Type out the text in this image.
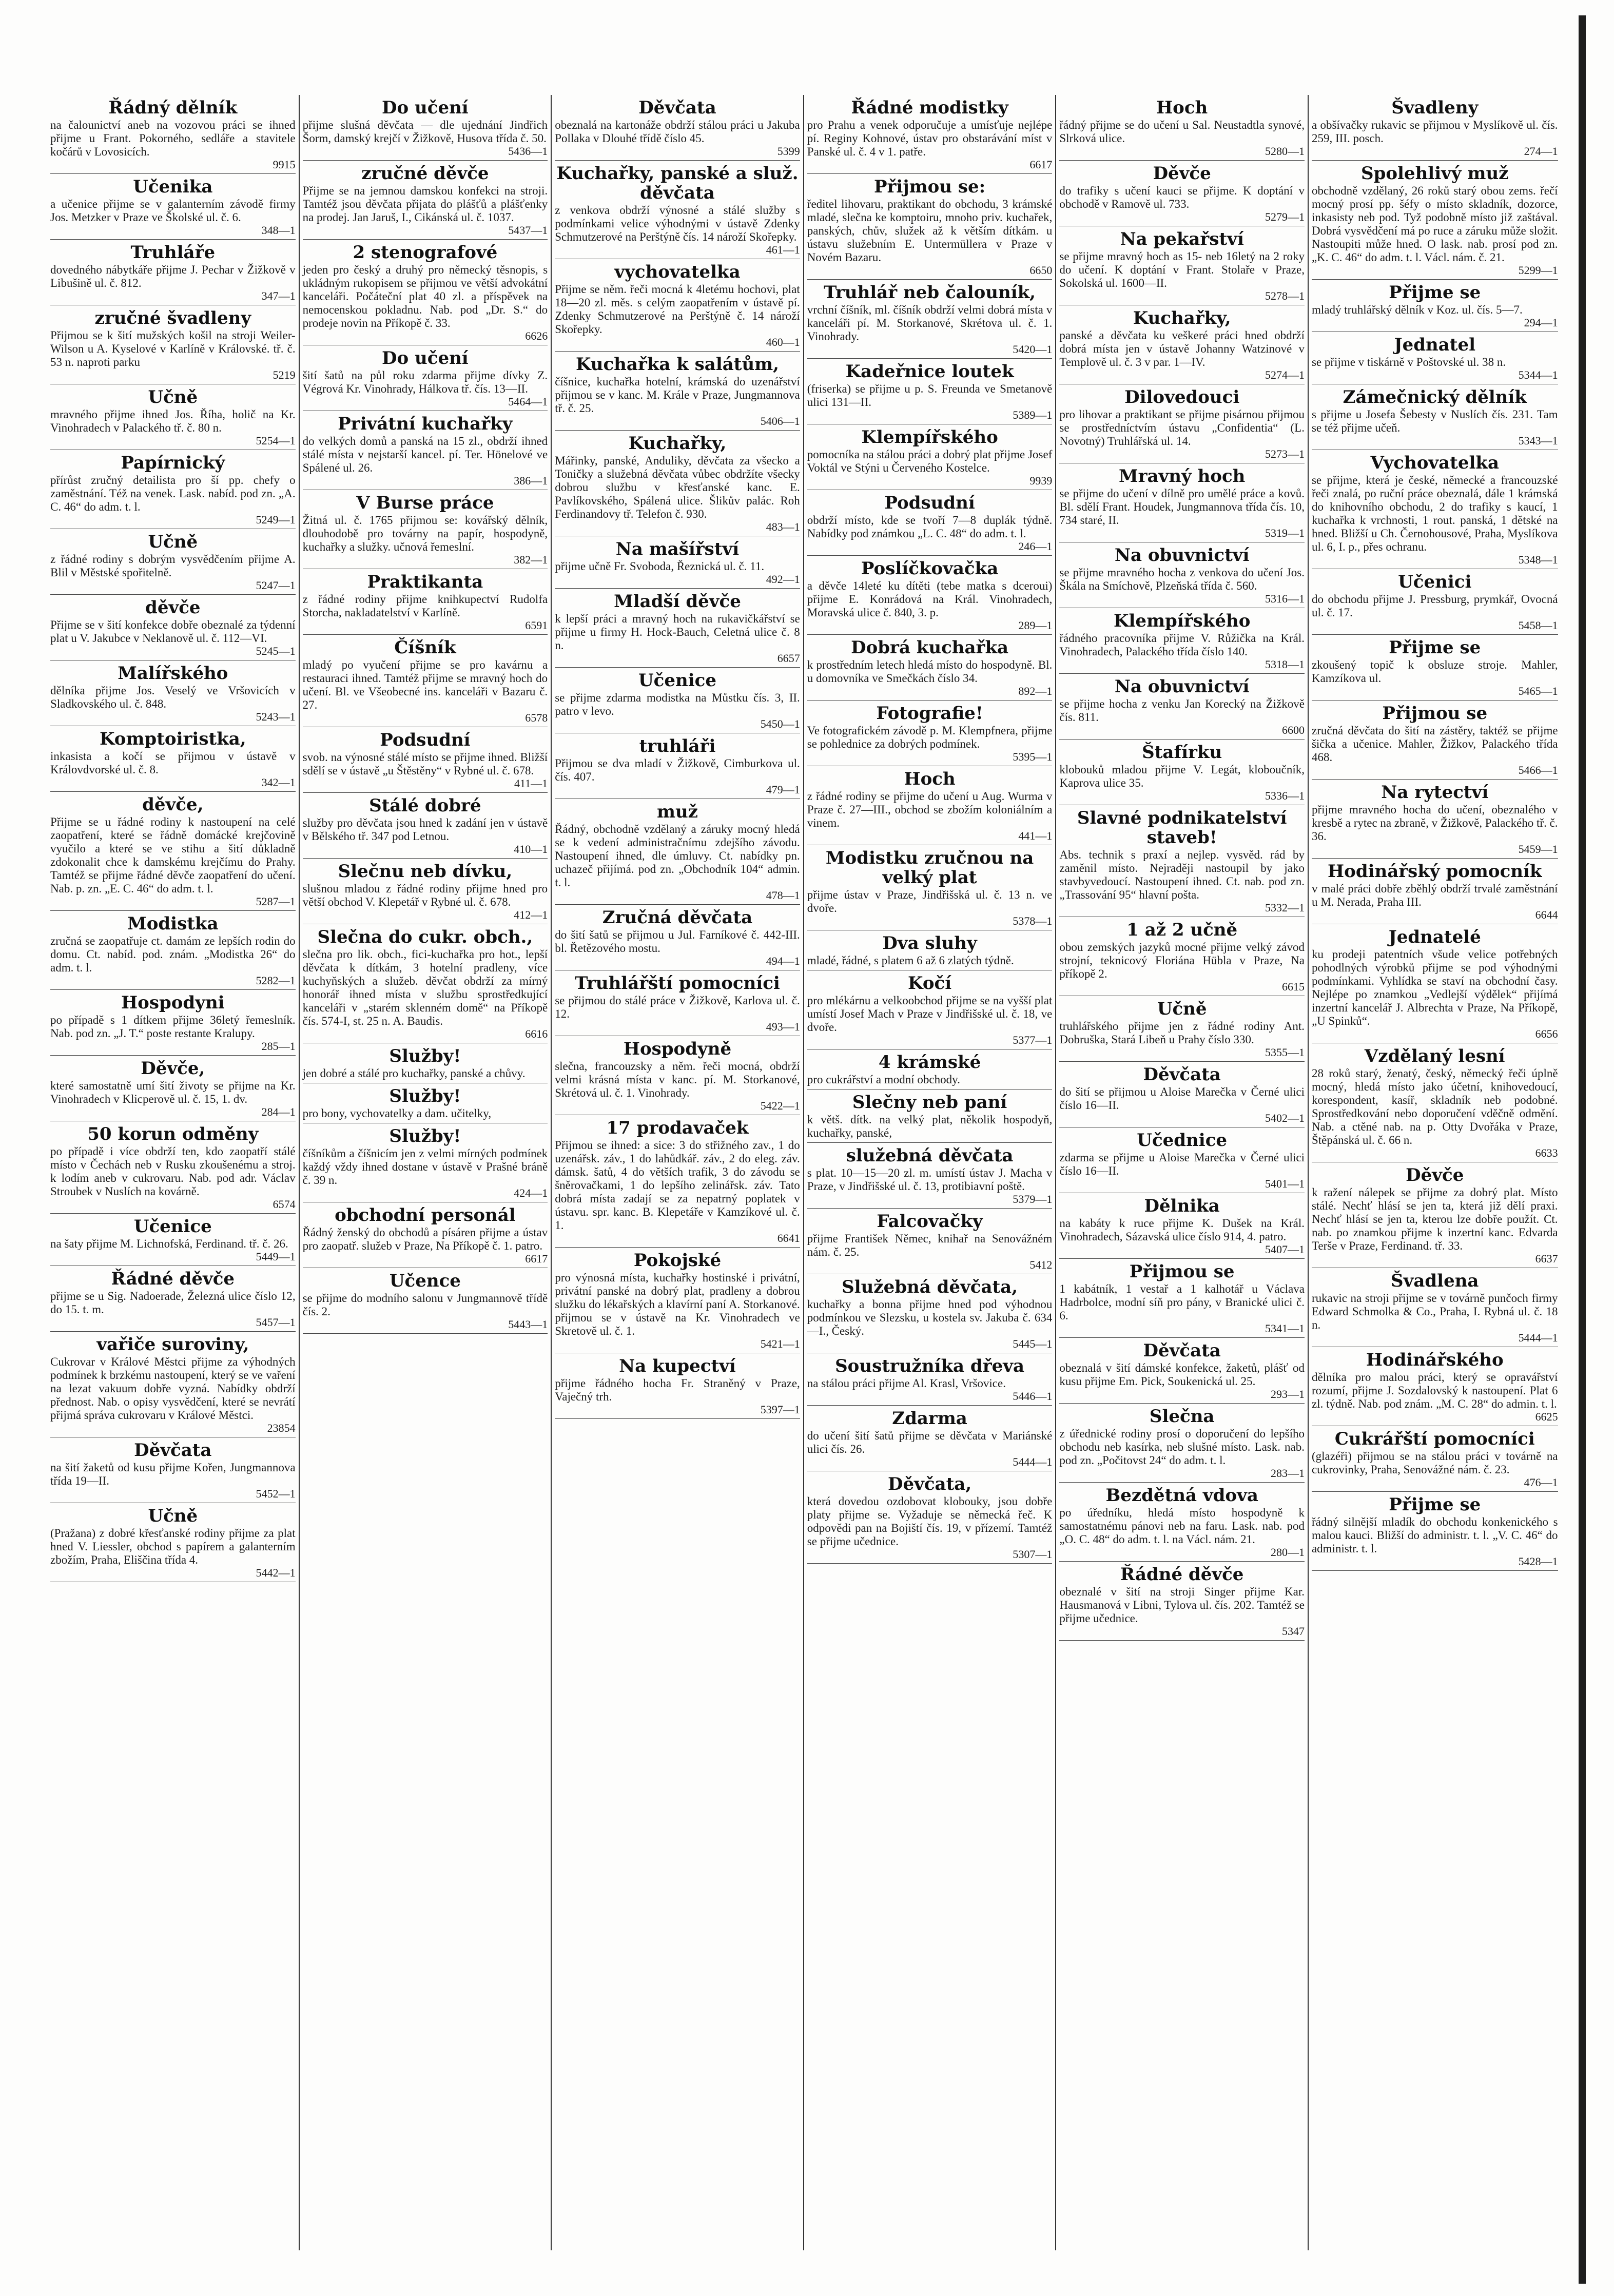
Řádný dělník

na čalounictví aneb na vozovou práci se ihned přijme u Frant. Pokorného, sedláře a stavitele kočárů v Lovosicích.

9915
Učenika

a učenice přijme se v galanterním závodě firmy Jos. Metzker v Praze ve Školské ul. č. 6.

348—1
Truhláře

dovedného nábytkáře přijme J. Pechar v Žižkově v Libušině ul. č. 812.

347—1
zručné švadleny

Přijmou se k šití mužských košil na stroji Weiler-Wilson u A. Kyselové v Karlíně v Královské. tř. č. 53 n. naproti parku

5219
Učně

mravného přijme ihned Jos. Říha, holič na Kr. Vinohradech v Palackého tř. č. 80 n.

5254—1
Papírnický

přírůst zručný detailista pro ší pp. chefy o zaměstnání. Též na venek. Lask. nabíd. pod zn. „A. C. 46“ do adm. t. l.

5249—1
Učně

z řádné rodiny s dobrým vysvědčením přijme A. Blil v Městské spořitelně.

5247—1
děvče

Přijme se v šití konfekce dobře obeznalé za týdenní plat u V. Jakubce v Neklanově ul. č. 112—VI.

5245—1
Malířského

dělníka přijme Jos. Veselý ve Vršovicích v Sladkovského ul. č. 848.

5243—1
Komptoiristka,

inkasista a kočí se přijmou v ústavě v Královdvorské ul. č. 8.

342—1
děvče,

Přijme se u řádné rodiny k nastoupení na celé zaopatření, které se řádně domácké krejčovině vyučilo a které se ve stihu a šití důkladně zdokonalit chce k damskému krejčímu do Prahy. Tamtéž se přijme řádné děvče zaopatření do učení. Nab. p. zn. „E. C. 46“ do adm. t. l.

5287—1
Modistka

zručná se zaopatřuje ct. damám ze lepších rodin do domu. Ct. nabíd. pod. znám. „Modistka 26“ do adm. t. l.

5282—1
Hospodyni

po případě s 1 dítkem přijme 36letý řemeslník. Nab. pod zn. „J. T.“ poste restante Kralupy.

285—1
Děvče,

které samostatně umí šití životy se přijme na Kr. Vinohradech v Klicperově ul. č. 15, 1. dv.

284—1
50 korun odměny

po případě i více obdrží ten, kdo zaopatří stálé místo v Čechách neb v Rusku zkoušenému a stroj. k lodím aneb v cukrovaru. Nab. pod adr. Václav Stroubek v Nuslích na kovárně.

6574
Učenice

na šaty přijme M. Lichnofská, Ferdinand. tř. č. 26.

5449—1
Řádné děvče

přijme se u Sig. Nadoerade, Železná ulice číslo 12, do 15. t. m.

5457—1
vařiče suroviny,

Cukrovar v Králové Městci přijme za výhodných podmínek k brzkému nastoupení, který se ve vaření na lezat vakuum dobře vyzná. Nabídky obdrží přednost. Nab. o opisy vysvědčení, které se nevrátí přijmá správa cukrovaru v Králové Městci.

23854
Děvčata

na šití žaketů od kusu přijme Kořen, Jungmannova třída 19—II.

5452—1
Učně

(Pražana) z dobré křesťanské rodiny přijme za plat hned V. Liessler, obchod s papírem a galanterním zbožím, Praha, Eliščina třída 4.

5442—1
Do učení

přijme slušná děvčata — dle ujednání Jindřich Šorm, damský krejčí v Žižkově, Husova třída č. 50.

5436—1
zručné děvče

Přijme se na jemnou damskou konfekci na stroji. Tamtéž jsou děvčata přijata do plášťů a plášťenky na prodej. Jan Jaruš, I., Cikánská ul. č. 1037.

5437—1
2 stenografové

jeden pro český a druhý pro německý těsnopis, s ukládným rukopisem se přijmou ve větší advokátní kanceláři. Počáteční plat 40 zl. a příspěvek na nemocenskou pokladnu. Nab. pod „Dr. S.“ do prodeje novin na Příkopě č. 33.

6626
Do učení

šití šatů na půl roku zdarma přijme dívky Z. Végrová Kr. Vinohrady, Hálkova tř. čís. 13—II.

5464—1
Privátní kuchařky

do velkých domů a panská na 15 zl., obdrží ihned stálé místa v nejstarší kancel. pí. Ter. Hönelové ve Spálené ul. 26.

386—1
V Burse práce

Žitná ul. č. 1765 přijmou se: kovářský dělník, dlouhodobě pro továrny na papír, hospodyně, kuchařky a služky. učnová řemeslní.

382—1
Praktikanta

z řádné rodiny přijme knihkupectví Rudolfa Storcha, nakladatelství v Karlíně.

6591
Číšník

mladý po vyučení přijme se pro kavárnu a restauraci ihned. Tamtéž přijme se mravný hoch do učení. Bl. ve Všeobecné ins. kanceláři v Bazaru č. 27.

6578
Podsudní

svob. na výnosné stálé místo se přijme ihned. Bližší sdělí se v ústavě „u Štěstěny“ v Rybné ul. č. 678.

411—1
Stálé dobré

služby pro děvčata jsou hned k zadání jen v ústavě v Bělského tř. 347 pod Letnou.

410—1
Slečnu neb dívku,

slušnou mladou z řádné rodiny přijme hned pro větší obchod V. Klepetář v Rybné ul. č. 678.

412—1
Slečna do cukr. obch.,

slečna pro lik. obch., fici-kuchařka pro hot., lepší děvčata k dítkám, 3 hotelní pradleny, více kuchyňských a služeb. děvčat obdrží za mírný honorář ihned místa v službu sprostředkující kanceláři v „starém sklenném domě“ na Příkopě čís. 574-I, st. 25 n. A. Baudis.

6616
Služby!

jen dobré a stálé pro kuchařky, panské a chůvy.

Služby!

pro bony, vychovatelky a dam. učitelky,

Služby!

číšníkům a číšnicím jen z velmi mírných podmínek každý vždy ihned dostane v ústavě v Prašné bráně č. 39 n.

424—1
obchodní personál

Řádný ženský do obchodů a písáren přijme a ústav pro zaopatř. služeb v Praze, Na Příkopě č. 1. patro.

6617
Učence

se přijme do modního salonu v Jungmannově třídě čís. 2.

5443—1
Děvčata

obeznalá na kartonáže obdrží stálou práci u Jakuba Pollaka v Dlouhé třídě číslo 45.

5399
Kuchařky, panské a služ. děvčata

z venkova obdrží výnosné a stálé služby s podmínkami velice výhodnými v ústavě Zdenky Schmutzerové na Perštýně čís. 14 nároží Skořepky.

461—1
vychovatelka

Přijme se něm. řeči mocná k 4letému hochovi, plat 18—20 zl. měs. s celým zaopatřením v ústavě pí. Zdenky Schmutzerové na Perštýně č. 14 nároží Skořepky.

460—1
Kuchařka k salátům,

číšnice, kuchařka hotelní, krámská do uzenářství přijmou se v kanc. M. Krále v Praze, Jungmannova tř. č. 25.

5406—1
Kuchařky,

Mářinky, panské, Anduliky, děvčata za všecko a Toničky a služebná děvčata vůbec obdržíte všecky dobrou službu v křesťanské kanc. E. Pavlíkovského, Spálená ulice. Šlikův palác. Roh Ferdinandovy tř. Telefon č. 930.

483—1
Na mašířství

přijme učně Fr. Svoboda, Řeznická ul. č. 11.

492—1
Mladší děvče

k lepší práci a mravný hoch na rukavičkářství se přijme u firmy H. Hock-Bauch, Celetná ulice č. 8 n.

6657
Učenice

se přijme zdarma modistka na Můstku čís. 3, II. patro v levo.

5450—1
truhláři

Přijmou se dva mladí v Žižkově, Cimburkova ul. čís. 407.

479—1
muž

Řádný, obchodně vzdělaný a záruky mocný hledá se k vedení administračnímu zdejšího závodu. Nastoupení ihned, dle úmluvy. Ct. nabídky pn. uchazeč přijímá. pod zn. „Obchodník 104“ admin. t. l.

478—1
Zručná děvčata

do šití šatů se přijmou u Jul. Farníkové č. 442-III. bl. Řetězového mostu.

494—1
Truhlářští pomocníci

se přijmou do stálé práce v Žižkově, Karlova ul. č. 12.

493—1
Hospodyně

slečna, francouzsky a něm. řeči mocná, obdrží velmi krásná místa v kanc. pí. M. Storkanové, Skrétová ul. č. 1. Vinohrady.

5422—1
17 prodavaček

Přijmou se ihned: a sice: 3 do střižného zav., 1 do uzenářsk. záv., 1 do lahůdkář. záv., 2 do eleg. záv. dámsk. šatů, 4 do větších trafik, 3 do závodu se šněrovačkami, 1 do lepšího zelinářsk. záv. Tato dobrá místa zadají se za nepatrný poplatek v ústavu. spr. kanc. B. Klepetáře v Kamzíkové ul. č. 1.

6641
Pokojské

pro výnosná místa, kuchařky hostinské i privátní, privátní panské na dobrý plat, pradleny a dobrou služku do lékařských a klavírní paní A. Storkanové. přijmou se v ústavě na Kr. Vinohradech ve Skretově ul. č. 1.

5421—1
Na kupectví

přijme řádného hocha Fr. Straněný v Praze, Vaječný trh.

5397—1
Řádné modistky

pro Prahu a venek odporučuje a umísťuje nejlépe pí. Reginy Kohnové, ústav pro obstarávání míst v Panské ul. č. 4 v 1. patře.

6617
Přijmou se:

ředitel lihovaru, praktikant do obchodu, 3 krámské mladé, slečna ke komptoiru, mnoho priv. kuchařek, panských, chův, služek až k větším dítkám. u ústavu služebním E. Untermüllera v Praze v Novém Bazaru.

6650
Truhlář neb čalouník,

vrchní číšník, ml. číšník obdrží velmi dobrá místa v kanceláři pí. M. Storkanové, Skrétova ul. č. 1. Vinohrady.

5420—1
Kadeřnice loutek

(friserka) se přijme u p. S. Freunda ve Smetanově ulici 131—II.

5389—1
Klempířského

pomocníka na stálou práci a dobrý plat přijme Josef Voktál ve Stýni u Červeného Kostelce.

9939
Podsudní

obdrží místo, kde se tvoří 7—8 duplák týdně. Nabídky pod známkou „L. C. 48“ do adm. t. l.

246—1
Poslíčkovačka

a děvče 14leté ku dítěti (tebe matka s dceroui) přijme E. Konrádová na Král. Vinohradech, Moravská ulice č. 840, 3. p.

289—1
Dobrá kuchařka

k prostředním letech hledá místo do hospodyně. Bl. u domovníka ve Smečkách číslo 34.

892—1
Fotografie!

Ve fotografickém závodě p. M. Klempfnera, přijme se pohlednice za dobrých podmínek.

5395—1
Hoch

z řádné rodiny se přijme do učení u Aug. Wurma v Praze č. 27—III., obchod se zbožím koloniálním a vinem.

441—1
Modistku zručnou na velký plat

přijme ústav v Praze, Jindřišská ul. č. 13 n. ve dvoře.

5378—1
Dva sluhy

mladé, řádné, s platem 6 až 6 zlatých týdně.

Kočí

pro mlékárnu a velkoobchod přijme se na vyšší plat umístí Josef Mach v Praze v Jindřišské ul. č. 18, ve dvoře.

5377—1
4 krámské

pro cukrářství a modní obchody.

Slečny neb paní

k větš. dítk. na velký plat, několik hospodyň, kuchařky, panské,

služebná děvčata

s plat. 10—15—20 zl. m. umístí ústav J. Macha v Praze, v Jindřišské ul. č. 13, protibiavní poště.

5379—1
Falcovačky

přijme František Němec, knihař na Senovážném nám. č. 25.

5412
Služebná děvčata,

kuchařky a bonna přijme hned pod výhodnou podmínkou ve Slezsku, u kostela sv. Jakuba č. 634—I., Český.

5445—1
Soustružníka dřeva

na stálou práci přijme Al. Krasl, Vršovice.

5446—1
Zdarma

do učení šití šatů přijme se děvčata v Mariánské ulici čís. 26.

5444—1
Děvčata,

která dovedou ozdobovat klobouky, jsou dobře platy přijme se. Vyžaduje se německá řeč. K odpovědi pan na Bojiští čís. 19, v přízemí. Tamtéž se přijme učednice.

5307—1
Hoch

řádný přijme se do učení u Sal. Neustadtla synové, Slrková ulice.

5280—1
Děvče

do trafiky s učení kauci se přijme. K doptání v obchodě v Ramově ul. 733.

5279—1
Na pekařství

se přijme mravný hoch as 15- neb 16letý na 2 roky do učení. K doptání v Frant. Stolaře v Praze, Sokolská ul. 1600—II.

5278—1
Kuchařky,

panské a děvčata ku veškeré práci hned obdrží dobrá místa jen v ústavě Johanny Watzinové v Templově ul. č. 3 v par. 1—IV.

5274—1
Dilovedouci

pro lihovar a praktikant se přijme pisárnou přijmou se prostředníctvím ústavu „Confidentia“ (L. Novotný) Truhlářská ul. 14.

5273—1
Mravný hoch

se přijme do učení v dílně pro umělé práce a kovů. Bl. sdělí Frant. Houdek, Jungmannova třída čís. 10, 734 staré, II.

5319—1
Na obuvnictví

se přijme mravného hocha z venkova do učení Jos. Škála na Smíchově, Plzeňská třída č. 560.

5316—1
Klempířského

řádného pracovníka přijme V. Růžička na Král. Vinohradech, Palackého třída číslo 140.

5318—1
Na obuvnictví

se přijme hocha z venku Jan Korecký na Žižkově čís. 811.

6600
Štafírku

klobouků mladou přijme V. Legát, kloboučník, Kaprova ulice 35.

5336—1
Slavné podnikatelství staveb!

Abs. technik s praxí a nejlep. vysvěd. rád by zaměnil místo. Nejraději nastoupil by jako stavbyvedoucí. Nastoupení ihned. Ct. nab. pod zn. „Trassování 95“ hlavní pošta.

5332—1
1 až 2 učně

obou zemských jazyků mocné přijme velký závod strojní, teknicový Floriána Hübla v Praze, Na příkopě 2.

6615
Učně

truhlářského přijme jen z řádné rodiny Ant. Dobruška, Stará Libeň u Prahy číslo 330.

5355—1
Děvčata

do šití se přijmou u Aloise Marečka v Černé ulici číslo 16—II.

5402—1
Učednice

zdarma se přijme u Aloise Marečka v Černé ulici číslo 16—II.

5401—1
Dělnika

na kabáty k ruce přijme K. Dušek na Král. Vinohradech, Sázavská ulice číslo 914, 4. patro.

5407—1
Přijmou se

1 kabátník, 1 vestař a 1 kalhotář u Václava Hadrbolce, modní síň pro pány, v Branické ulici č. 6.

5341—1
Děvčata

obeznalá v šití dámské konfekce, žaketů, plášť od kusu přijme Em. Pick, Soukenická ul. 25.

293—1
Slečna

z úřednické rodiny prosí o doporučení do lepšího obchodu neb kasírka, neb slušné místo. Lask. nab. pod zn. „Počitovst 24“ do adm. t. l.

283—1
Bezdětná vdova

po úředníku, hledá místo hospodyně k samostatnému pánovi neb na faru. Lask. nab. pod „O. C. 48“ do adm. t. l. na Václ. nám. 21.

280—1
Řádné děvče

obeznalé v šití na stroji Singer přijme Kar. Hausmanová v Libni, Tylova ul. čís. 202. Tamtéž se přijme učednice.

5347
Švadleny

a obšívačky rukavic se přijmou v Myslíkově ul. čís. 259, III. posch.

274—1
Spolehlivý muž

obchodně vzdělaný, 26 roků starý obou zems. řečí mocný prosí pp. šéfy o místo skladník, dozorce, inkasisty neb pod. Tyž podobně místo již zaštával. Dobrá vysvědčení má po ruce a záruku může složit. Nastoupiti může hned. O lask. nab. prosí pod zn. „K. C. 46“ do adm. t. l. Václ. nám. č. 21.

5299—1
Přijme se

mladý truhlářský dělník v Koz. ul. čís. 5—7.

294—1
Jednatel

se přijme v tiskárně v Poštovské ul. 38 n.

5344—1
Zámečnický dělník

s přijme u Josefa Šebesty v Nuslích čís. 231. Tam se též přijme učeň.

5343—1
Vychovatelka

se přijme, která je české, německé a francouzské řeči znalá, po ruční práce obeznalá, dále 1 krámská do knihovního obchodu, 2 do trafiky s kaucí, 1 kuchařka k vrchnosti, 1 rout. panská, 1 dětské na hned. Bližší u Ch. Černohousové, Praha, Myslíkova ul. 6, I. p., přes ochranu.

5348—1
Učenici

do obchodu přijme J. Pressburg, prymkář, Ovocná ul. č. 17.

5458—1
Přijme se

zkoušený topič k obsluze stroje. Mahler, Kamzíkova ul.

5465—1
Přijmou se

zručná děvčata do šití na zástěry, taktéž se přijme šička a učenice. Mahler, Žižkov, Palackého třída 468.

5466—1
Na rytectví

přijme mravného hocha do učení, obeznalého v kresbě a rytec na zbraně, v Žižkově, Palackého tř. č. 36.

5459—1
Hodinářský pomocník

v malé práci dobře zběhlý obdrží trvalé zaměstnání u M. Nerada, Praha III.

6644
Jednatelé

ku prodeji patentních všude velice potřebných pohodlných výrobků přijme se pod výhodnými podmínkami. Vyhlídka se staví na obchodní časy. Nejlépe po znamkou „Vedlejší výdělek“ přijímá inzertní kancelář J. Albrechta v Praze, Na Příkopě, „U Spinků“.

6656
Vzdělaný lesní

28 roků starý, ženatý, český, německý řeči úplně mocný, hledá místo jako účetní, knihovedoucí, korespondent, kasíř, skladník neb podobné. Sprostředkování nebo doporučení vděčně odmění. Nab. a ctěné nab. na p. Otty Dvořáka v Praze, Štěpánská ul. č. 66 n.

6633
Děvče

k ražení nálepek se přijme za dobrý plat. Místo stálé. Nechť hlásí se jen ta, která již dělí praxi. Nechť hlásí se jen ta, kterou lze dobře použít. Ct. nab. po znamkou přijme k inzertní kanc. Edvarda Terše v Praze, Ferdinand. tř. 33.

6637
Švadlena

rukavic na stroji přijme se v továrně punčoch firmy Edward Schmolka & Co., Praha, I. Rybná ul. č. 18 n.

5444—1
Hodinářského

dělníka pro malou práci, který se opravářství rozumí, přijme J. Sozdalovský k nastoupení. Plat 6 zl. týdně. Nab. pod znám. „M. C. 28“ do admin. t. l.

6625
Cukrářští pomocníci

(glazéři) přijmou se na stálou práci v továrně na cukrovinky, Praha, Senovážné nám. č. 23.

476—1
Přijme se

řádný silnější mladík do obchodu konkenického s malou kauci. Bližší do administr. t. l. „V. C. 46“ do administr. t. l.

5428—1
